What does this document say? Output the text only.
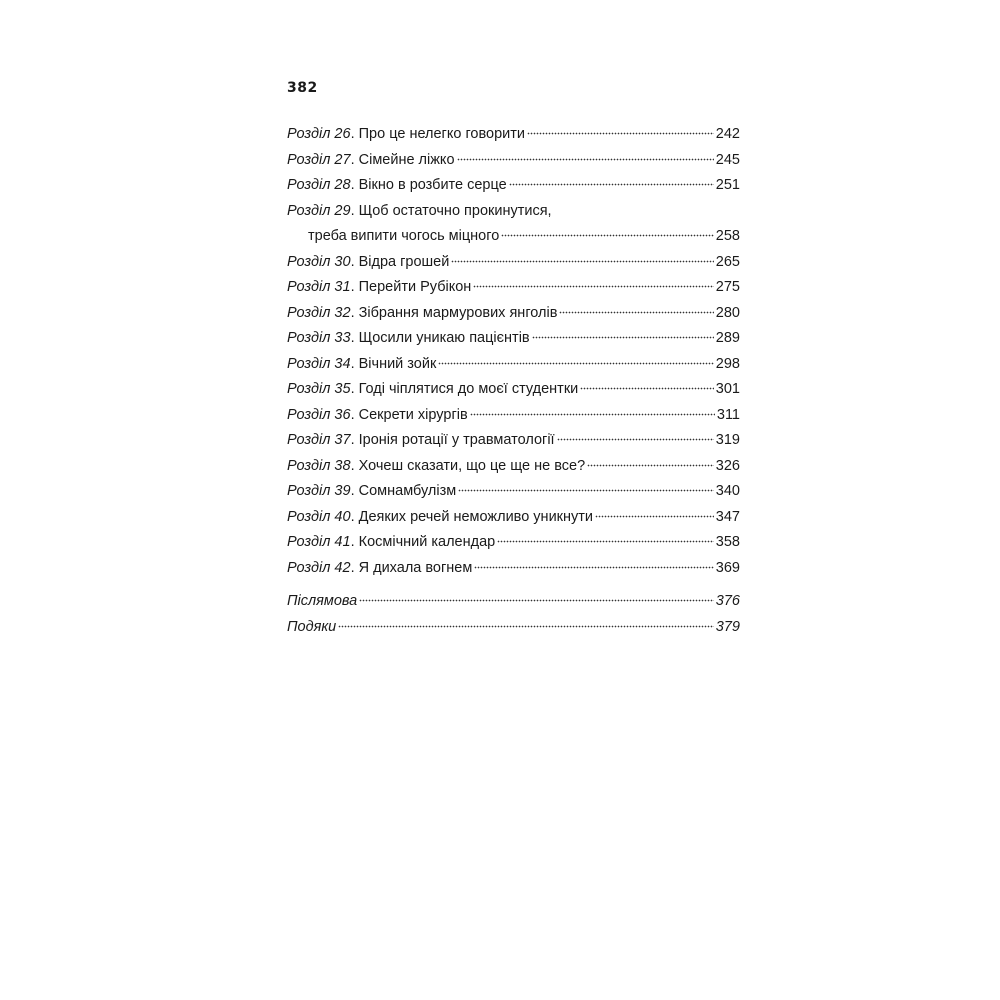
382
Розділ 26 . Про це нелегко говорити	242
Розділ 27 . Сімейне ліжко	245
Розділ 28 . Вікно в розбите серце	251
Розділ 29 . Щоб остаточно прокинутися,
треба випити чогось міцного	258
Розділ 30 . Відра грошей	265
Розділ 31 . Перейти Рубікон	275
Розділ 32 . Зібрання мармурових янголів	280
Розділ 33 . Щосили уникаю пацієнтів	289
Розділ 34 . Вічний зойк	298
Розділ 35 . Годі чіплятися до моєї студентки	301
Розділ 36 . Секрети хірургів	311
Розділ 37 . Іронія ротації у травматології	319
Розділ 38 . Хочеш сказати, що це ще не все?	326
Розділ 39 . Сомнамбулізм	340
Розділ 40 . Деяких речей неможливо уникнути	347
Розділ 41 . Космічний календар	358
Розділ 42 . Я дихала вогнем	369
Післямова	376
Подяки	379
